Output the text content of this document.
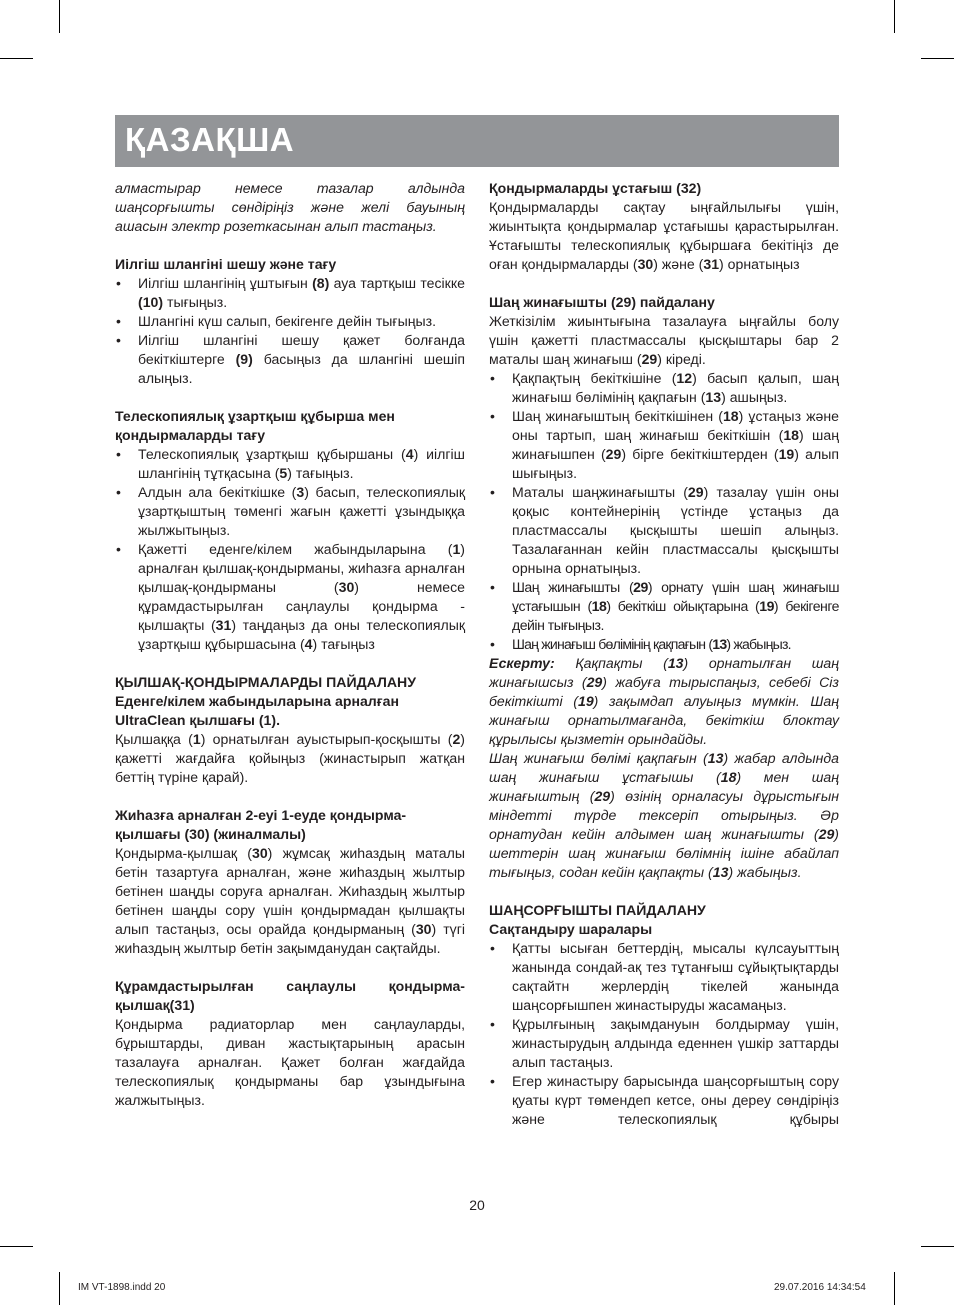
ҚАЗАҚША

алмастырар немесе тазалар алдында шаңсорғышты сөндіріңіз және желі бауының ашасын электр розеткасынан алып тастаңыз.

Иілгіш шлангіні шешу және тағу

• Иілгіш шлангінің ұштығын (8) ауа тартқыш тесікке (10) тығыңыз.
• Шлангіні күш салып, бекігенге дейін тығыңыз.
• Иілгіш шлангіні шешу қажет болғанда бекіткіштерге (9) басыңыз да шлангіні шешіп алыңыз.

Телескопиялық ұзартқыш құбырша мен

қондырмаларды тағу

• Телескопиялық ұзартқыш құбыршаны (4) иілгіш шлангінің тұтқасына (5) тағыңыз.
• Алдын ала бекіткішке (3) басып, телескопиялық ұзартқыштың төменгі жағын қажетті ұзындыққа жылжытыңыз.
• Қажетті еденге/кілем жабындыларына (1) арналған қылшақ-қондырманы, жиһазға арналған қылшақ-қондырманы (30) немесе құрамдастырылған саңлаулы қондырма - қылшақты (31) таңдаңыз да оны телескопиялық ұзартқыш құбыршасына (4) тағыңыз

ҚЫЛШАҚ-ҚОНДЫРМАЛАРДЫ ПАЙДАЛАНУ

Еденге/кілем жабындыларына арналған

UltraClean қылшағы (1).

Қылшаққа (1) орнатылған ауыстырып-қосқышты (2) қажетті жағдайға қойыңыз (жинастырып жатқан беттің түріне қарай).

Жиһазға арналған 2-еуі 1-еуде қондырма-

қылшағы (30) (жиналмалы)

Қондырма-қылшақ (30) жұмсақ жиһаздың маталы бетін тазартуға арналған, және жиһаздың жылтыр бетінен шаңды соруға арналған. Жиһаздың жылтыр бетінен шаңды сору үшін қондырмадан қылшақты алып тастаңыз, осы орайда қондырманың (30) түгі жиһаздың жылтыр бетін зақымданудан сақтайды.

Құрамдастырылған саңлаулы қондырма-

қылшақ(31)

Қондырма радиаторлар мен саңлауларды, бұрыштарды, диван жастықтарының арасын тазалауға арналған. Қажет болған жағдайда телескопиялық қондырманы бар ұзындығына жалжытыңыз.

Қондырмаларды ұстағыш (32)

Қондырмаларды сақтау ыңғайлылығы үшін, жиынтықта қондырмалар ұстағышы қарастырылған. Ұстағышты телескопиялық құбыршаға бекітіңіз де оған қондырмаларды (30) және (31) орнатыңыз

Шаң жинағышты (29) пайдалану

Жеткізілім жиынтығына тазалауға ыңғайлы болу үшін қажетті пластмассалы қысқыштары бар 2 маталы шаң жинағыш (29) кіреді.

• Қақпақтың бекіткішіне (12) басып қалып, шаң жинағыш бөлімінің қақпағын (13) ашыңыз.
• Шаң жинағыштың бекіткішінен (18) ұстаңыз және оны тартып, шаң жинағыш бекіткішін (18) шаң жинағышпен (29) бірге бекіткіштерден (19) алып шығыңыз.
• Маталы шаңжинағышты (29) тазалау үшін оны қоқыс контейнерінің үстінде ұстаңыз да пластмассалы қысқышты шешіп алыңыз. Тазалағаннан кейін пластмассалы қысқышты орнына орнатыңыз.
• Шаң жинағышты (29) орнату үшін шаң жинағыш ұстағышын (18) бекіткіш ойықтарына (19) бекігенге дейін тығыңыз.
• Шаң жинағыш бөлімінің қақпағын (13) жабыңыз.

Ескерту: Қақпақты (13) орнатылған шаң жинағышсыз (29) жабуға тырыспаңыз, себебі Сіз бекіткішті (19) зақымдап алуыңыз мүмкін. Шаң жинағыш орнатылмағанда, бекіткіш блоктау құрылысы қызметін орындайды.

Шаң жинағыш бөлімі қақпағын (13) жабар алдында шаң жинағыш ұстағышы (18) мен шаң жинағыштың (29) өзінің орналасуы дұрыстығын міндетті түрде тексеріп отырыңыз. Әр орнатудан кейін алдымен шаң жинағышты (29) шеттерін шаң жинағыш бөлімнің ішіне абайлап тығыңыз, содан кейін қақпақты (13) жабыңыз.

ШАҢСОРҒЫШТЫ ПАЙДАЛАНУ

Сақтандыру шаралары

• Қатты ысыған беттердің, мысалы күлсауыттың жанында сондай-ақ тез тұтанғыш сұйықтықтарды сақтайтн жерлердің тікелей жанында шаңсорғышпен жинастыруды жасамаңыз.
• Құрылғының зақымдануын болдырмау үшін, жинастырудың алдында еденнен үшкір заттарды алып тастаңыз.
• Егер жинастыру барысында шаңсорғыштың сору қуаты күрт төмендеп кетсе, оны дереу сөндіріңіз және телескопиялық құбыры
20
IM VT-1898.indd 20	29.07.2016 14:34:54
